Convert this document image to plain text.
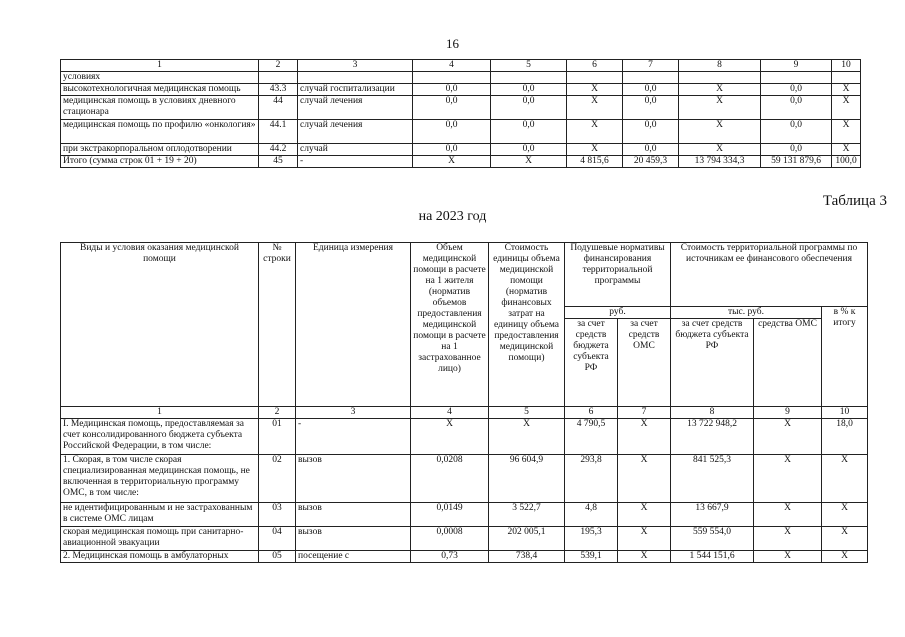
16
1	2	3	4	5	6	7	8	9	10
условиях									
высокотехнологичная медицинская помощь	43.3	случай госпитализации	0,0	0,0	Х	0,0	Х	0,0	Х
медицинская помощь в условиях дневного стационара	44	случай лечения	0,0	0,0	Х	0,0	Х	0,0	Х
медицинская помощь по профилю «онкология»	44.1	случай лечения	0,0	0,0	Х	0,0	Х	0,0	Х
при экстракорпоральном оплодотворении	44.2	случай	0,0	0,0	Х	0,0	Х	0,0	Х
Итого (сумма строк 01 + 19 + 20)	45	-	Х	Х	4 815,6	20 459,3	13 794 334,3	59 131 879,6	100,0
Таблица 3
на 2023 год
Виды и условия оказания медицинской помощи	№ строки	Единица измерения	Объем медицинской помощи в расчете на 1 жителя (норматив объемов предоставления медицинской помощи в расчете на 1 застрахованное лицо)	Стоимость единицы объема медицинской помощи (норматив финансовых затрат на единицу объема предоставления медицинской помощи)	Подушевые нормативы финансирования территориальной программы		Стоимость территориальной программы по источникам ее финансового обеспечения		
					руб.		тыс. руб.		в % к итогу
					за счет средств бюджета субъекта РФ	за счет средств ОМС	за счет средств бюджета субъекта РФ	средства ОМС	
1	2	3	4	5	6	7	8	9	10
I. Медицинская помощь, предоставляемая за счет консолидированного бюджета субъекта Российской Федерации, в том числе:	01	-	Х	Х	4 790,5	Х	13 722 948,2	Х	18,0
1. Скорая, в том числе скорая специализированная медицинская помощь, не включенная в территориальную программу ОМС, в том числе:	02	вызов	0,0208	96 604,9	293,8	Х	841 525,3	Х	Х
не идентифицированным и не застрахованным в системе ОМС лицам	03	вызов	0,0149	3 522,7	4,8	Х	13 667,9	Х	Х
скорая медицинская помощь при санитарно-авиационной эвакуации	04	вызов	0,0008	202 005,1	195,3	Х	559 554,0	Х	Х
2. Медицинская помощь в амбулаторных	05	посещение с	0,73	738,4	539,1	Х	1 544 151,6	Х	Х
